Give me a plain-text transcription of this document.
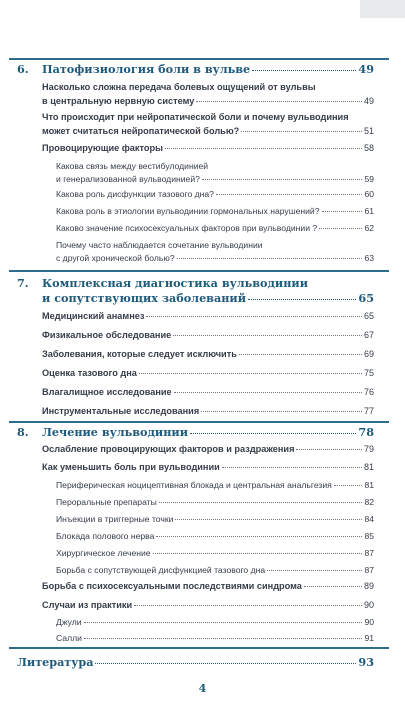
6. Патофизиология боли в вульве	49
Насколько сложна передача болевых ощущений от вульвы
в центральную нервную систему	49
Что происходит при нейропатической боли и почему вульводиния
может считаться нейропатической болью?	51
Провоцирующие факторы	58
Какова связь между вестибулодинией
и генерализованной вульводинией?	59
Какова роль дисфункции тазового дна?	60
Какова роль в этиологии вульводинии гормональных нарушений?	61
Каково значение психосексуальных факторов при вульводинии ?	62
Почему часто наблюдается сочетание вульводинии
с другой хронической болью?	63
7. Комплексная диагностика вульводинии
и сопутствующих заболеваний	65
Медицинский анамнез	65
Физикальное обследование	67
Заболевания, которые следует исключить	69
Оценка тазового дна	75
Влагалищное исследование	76
Инструментальные исследования	77
8. Лечение вульводинии	78
Ослабление провоцирующих факторов и раздражения	79
Как уменьшить боль при вульводинии	81
Периферическая ноцицептивная блокада и центральная анальгезия	81
Пероральные препараты	82
Инъекции в триггерные точки	84
Блокада полового нерва	85
Хирургическое лечение	87
Борьба с сопутствующей дисфункцией тазового дна	87
Борьба с психосексуальными последствиями синдрома	89
Случаи из практики	90
Джули	90
Салли	91
Литература	93
4
